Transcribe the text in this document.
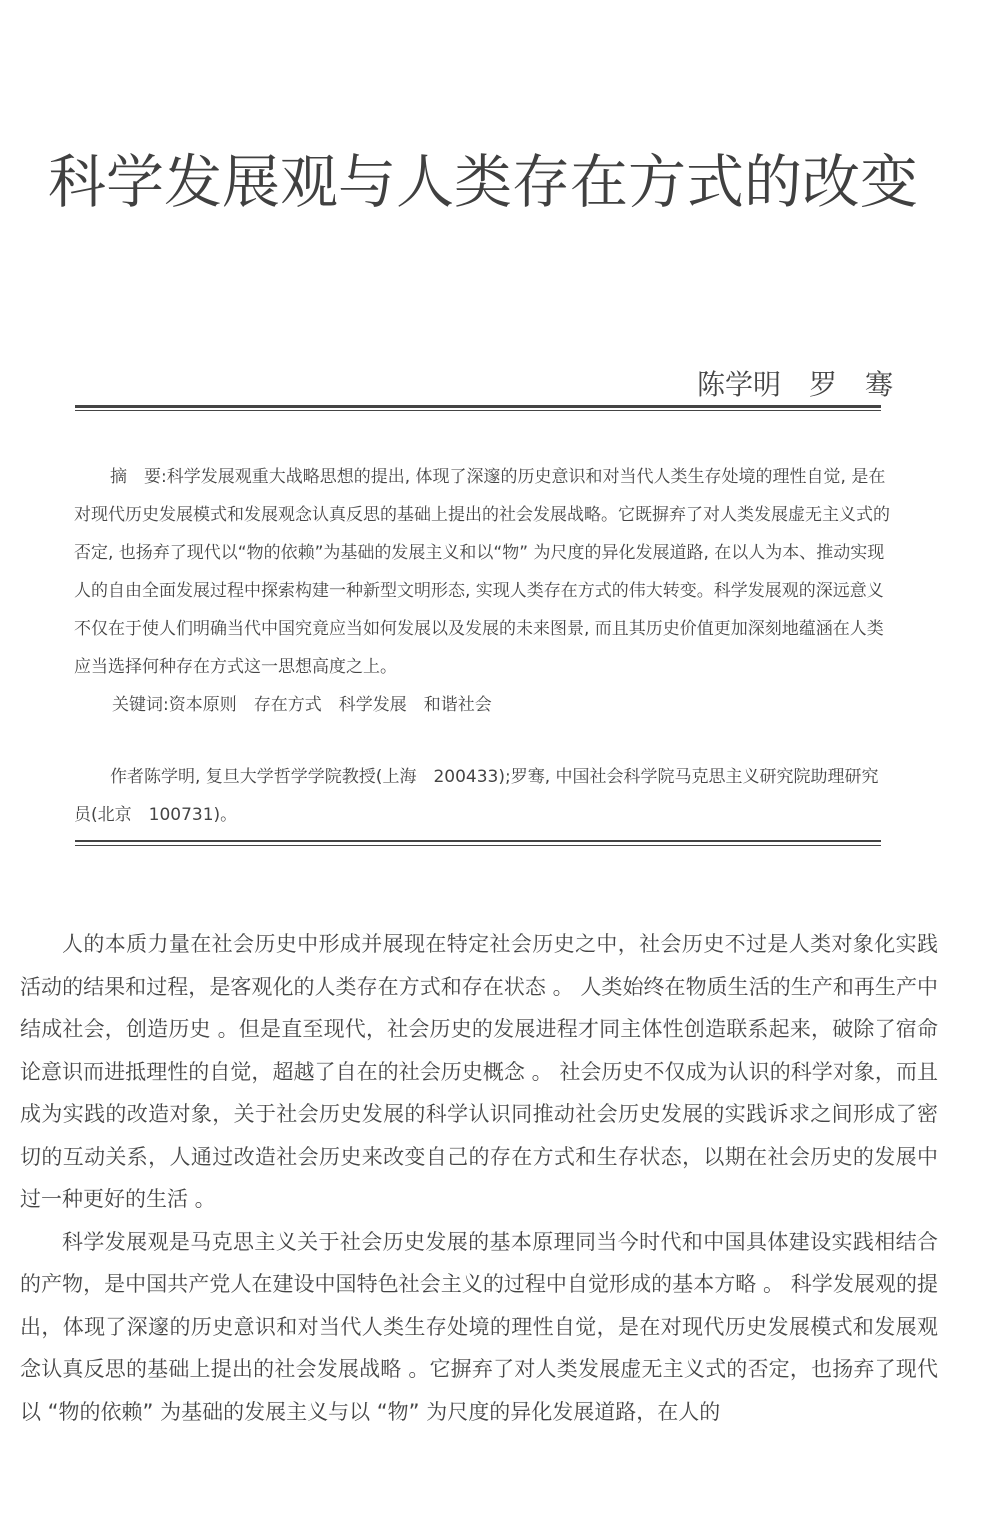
科学发展观与人类存在方式的改变
陈学明　罗　骞

摘　要:科学发展观重大战略思想的提出, 体现了深邃的历史意识和对当代人类生存处境的理性自觉, 是在对现代历史发展模式和发展观念认真反思的基础上提出的社会发展战略。它既摒弃了对人类发展虚无主义式的否定, 也扬弃了现代以“物的依赖”为基础的发展主义和以“物” 为尺度的异化发展道路, 在以人为本、推动实现人的自由全面发展过程中探索构建一种新型文明形态, 实现人类存在方式的伟大转变。科学发展观的深远意义不仅在于使人们明确当代中国究竟应当如何发展以及发展的未来图景, 而且其历史价值更加深刻地蕴涵在人类应当选择何种存在方式这一思想高度之上。

关键词:资本原则　存在方式　科学发展　和谐社会

作者陈学明, 复旦大学哲学学院教授(上海　200433);罗骞, 中国社会科学院马克思主义研究院助理研究员(北京　100731)。

人的本质力量在社会历史中形成并展现在特定社会历史之中，社会历史不过是人类对象化实践活动的结果和过程，是客观化的人类存在方式和存在状态 。 人类始终在物质生活的生产和再生产中结成社会，创造历史 。但是直至现代，社会历史的发展进程才同主体性创造联系起来，破除了宿命论意识而进抵理性的自觉，超越了自在的社会历史概念 。 社会历史不仅成为认识的科学对象，而且成为实践的改造对象，关于社会历史发展的科学认识同推动社会历史发展的实践诉求之间形成了密切的互动关系，人通过改造社会历史来改变自己的存在方式和生存状态，以期在社会历史的发展中过一种更好的生活 。

科学发展观是马克思主义关于社会历史发展的基本原理同当今时代和中国具体建设实践相结合的产物，是中国共产党人在建设中国特色社会主义的过程中自觉形成的基本方略 。 科学发展观的提出，体现了深邃的历史意识和对当代人类生存处境的理性自觉，是在对现代历史发展模式和发展观念认真反思的基础上提出的社会发展战略 。它摒弃了对人类发展虚无主义式的否定，也扬弃了现代以 “物的依赖” 为基础的发展主义与以 “物” 为尺度的异化发展道路，在人的
